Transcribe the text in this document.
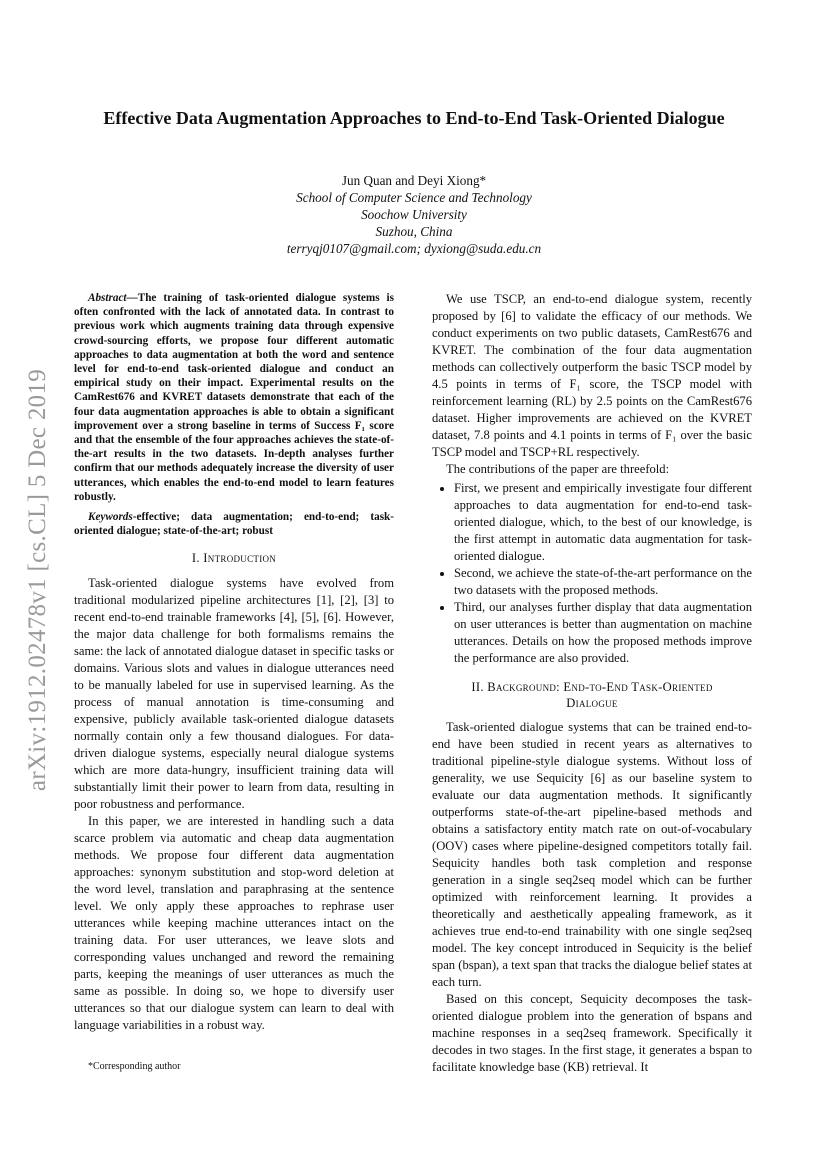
arXiv:1912.02478v1 [cs.CL] 5 Dec 2019
Effective Data Augmentation Approaches to End-to-End Task-Oriented Dialogue
Jun Quan and Deyi Xiong*
School of Computer Science and Technology
Soochow University
Suzhou, China
terryqj0107@gmail.com; dyxiong@suda.edu.cn

Abstract—The training of task-oriented dialogue systems is often confronted with the lack of annotated data. In contrast to previous work which augments training data through expensive crowd-sourcing efforts, we propose four different automatic approaches to data augmentation at both the word and sentence level for end-to-end task-oriented dialogue and conduct an empirical study on their impact. Experimental results on the CamRest676 and KVRET datasets demonstrate that each of the four data augmentation approaches is able to obtain a significant improvement over a strong baseline in terms of Success F₁ score and that the ensemble of the four approaches achieves the state-of-the-art results in the two datasets. In-depth analyses further confirm that our methods adequately increase the diversity of user utterances, which enables the end-to-end model to learn features robustly.

Keywords-effective; data augmentation; end-to-end; task-oriented dialogue; state-of-the-art; robust

I. Introduction

Task-oriented dialogue systems have evolved from traditional modularized pipeline architectures [1], [2], [3] to recent end-to-end trainable frameworks [4], [5], [6]. However, the major data challenge for both formalisms remains the same: the lack of annotated dialogue dataset in specific tasks or domains. Various slots and values in dialogue utterances need to be manually labeled for use in supervised learning. As the process of manual annotation is time-consuming and expensive, publicly available task-oriented dialogue datasets normally contain only a few thousand dialogues. For data-driven dialogue systems, especially neural dialogue systems which are more data-hungry, insufficient training data will substantially limit their power to learn from data, resulting in poor robustness and performance.

In this paper, we are interested in handling such a data scarce problem via automatic and cheap data augmentation methods. We propose four different data augmentation approaches: synonym substitution and stop-word deletion at the word level, translation and paraphrasing at the sentence level. We only apply these approaches to rephrase user utterances while keeping machine utterances intact on the training data. For user utterances, we leave slots and corresponding values unchanged and reword the remaining parts, keeping the meanings of user utterances as much the same as possible. In doing so, we hope to diversify user utterances so that our dialogue system can learn to deal with language variabilities in a robust way.

We use TSCP, an end-to-end dialogue system, recently proposed by [6] to validate the efficacy of our methods. We conduct experiments on two public datasets, CamRest676 and KVRET. The combination of the four data augmentation methods can collectively outperform the basic TSCP model by 4.5 points in terms of F₁ score, the TSCP model with reinforcement learning (RL) by 2.5 points on the CamRest676 dataset. Higher improvements are achieved on the KVRET dataset, 7.8 points and 4.1 points in terms of F₁ over the basic TSCP model and TSCP+RL respectively.

The contributions of the paper are threefold:

• First, we present and empirically investigate four different approaches to data augmentation for end-to-end task-oriented dialogue, which, to the best of our knowledge, is the first attempt in automatic data augmentation for task-oriented dialogue.
• Second, we achieve the state-of-the-art performance on the two datasets with the proposed methods.
• Third, our analyses further display that data augmentation on user utterances is better than augmentation on machine utterances. Details on how the proposed methods improve the performance are also provided.
II. Background: End-to-End Task-Oriented
Dialogue

Task-oriented dialogue systems that can be trained end-to-end have been studied in recent years as alternatives to traditional pipeline-style dialogue systems. Without loss of generality, we use Sequicity [6] as our baseline system to evaluate our data augmentation methods. It significantly outperforms state-of-the-art pipeline-based methods and obtains a satisfactory entity match rate on out-of-vocabulary (OOV) cases where pipeline-designed competitors totally fail. Sequicity handles both task completion and response generation in a single seq2seq model which can be further optimized with reinforcement learning. It provides a theoretically and aesthetically appealing framework, as it achieves true end-to-end trainability with one single seq2seq model. The key concept introduced in Sequicity is the belief span (bspan), a text span that tracks the dialogue belief states at each turn.

Based on this concept, Sequicity decomposes the task-oriented dialogue problem into the generation of bspans and machine responses in a seq2seq framework. Specifically it decodes in two stages. In the first stage, it generates a bspan to facilitate knowledge base (KB) retrieval. It

*Corresponding author
